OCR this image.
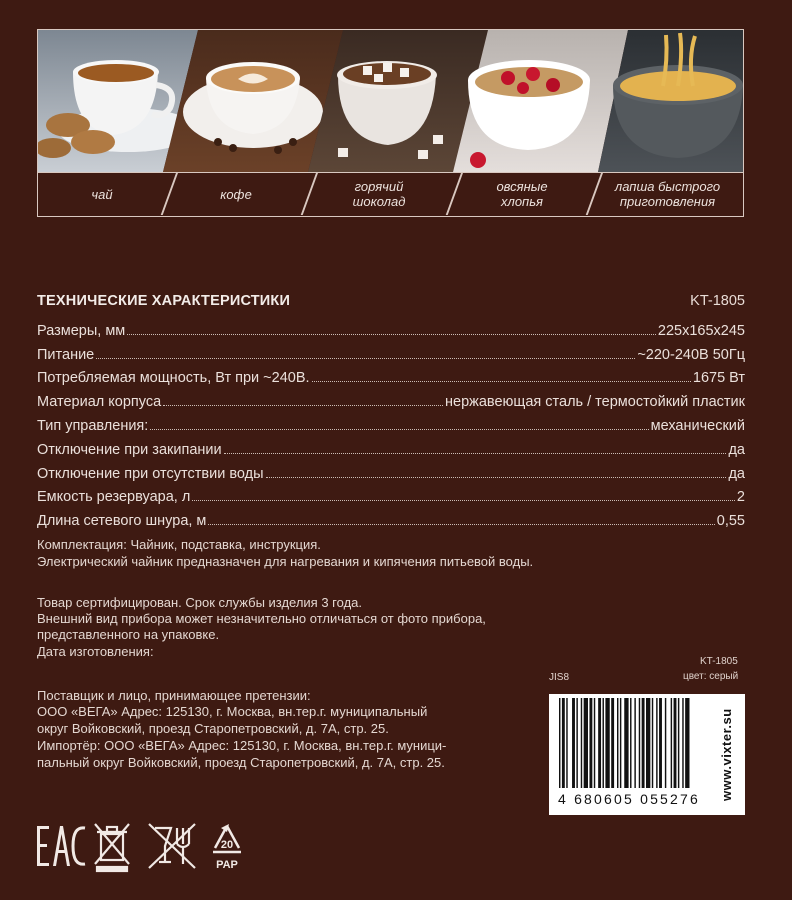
чай	кофе	горячий
шоколад
овсяные
хлопья
лапша быстрого
приготовления
ТЕХНИЧЕСКИЕ ХАРАКТЕРИСТИКИ	KT-1805
Размеры, мм	225x165x245
Питание	~220-240В 50Гц
Потребляемая мощность, Вт при ~240В.	1675 Вт
Материал корпуса	нержавеющая сталь / термостойкий пластик
Тип управления:	механический
Отключение при закипании	да
Отключение при отсутствии воды	да
Емкость резервуара, л	2
Длина сетевого шнура, м	0,55
Комплектация: Чайник, подставка, инструкция.
Электрический чайник предназначен для нагревания и кипячения питьевой воды.
Товар сертифицирован. Срок службы изделия 3 года.
Внешний вид прибора может незначительно отличаться от фото прибора,
представленного на упаковке.
Дата изготовления:
Поставщик и лицо, принимающее претензии:
ООО «ВЕГА» Адрес: 125130, г. Москва, вн.тер.г. муниципальный
округ Войковский, проезд Старопетровский, д. 7А, стр. 25.
Импортёр: ООО «ВЕГА» Адрес: 125130, г. Москва, вн.тер.г. муници-
пальный округ Войковский, проезд Старопетровский, д. 7А, стр. 25.
JIS8
KT-1805
цвет: серый
4 680605 055276 www.vixter.su
20
PAP
